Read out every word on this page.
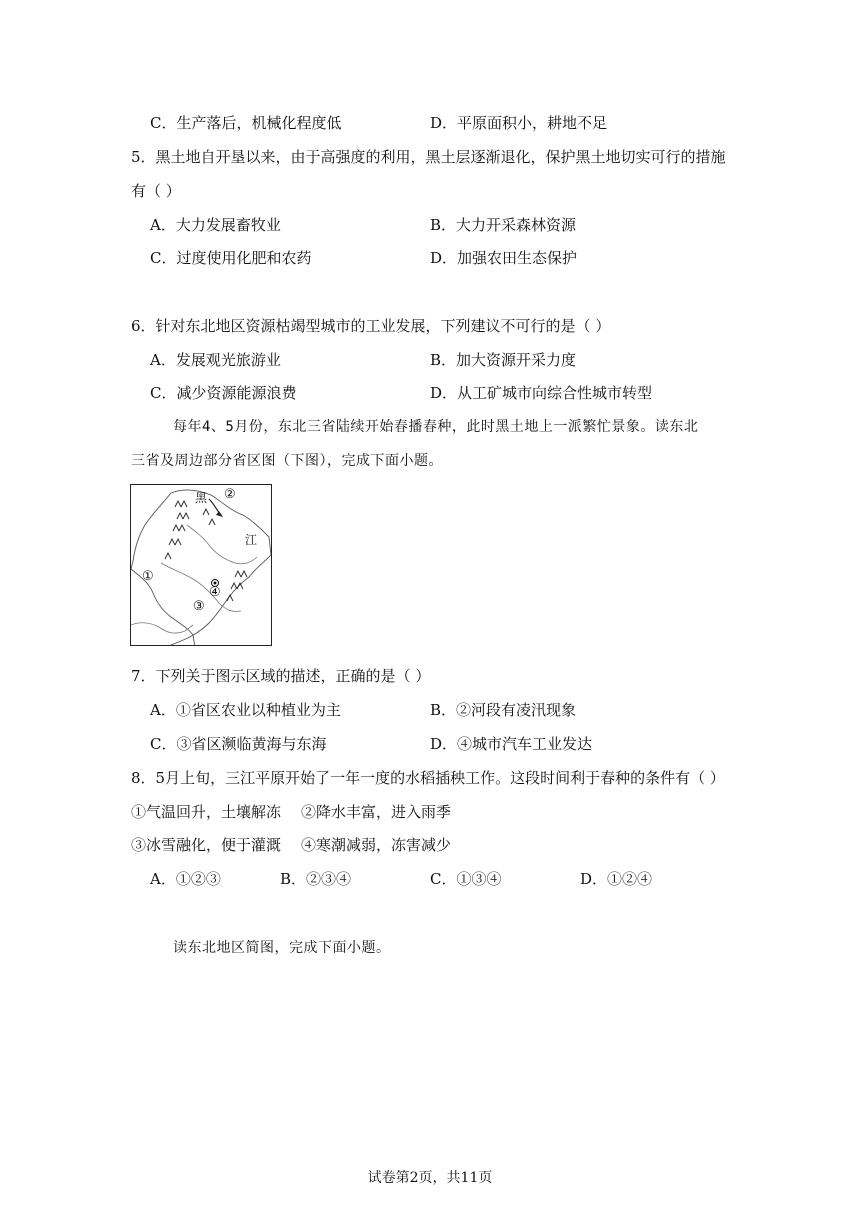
C．生产落后，机械化程度低	D．平原面积小，耕地不足
5．黑土地自开垦以来，由于高强度的利用，黑土层逐渐退化，保护黑土地切实可行的措施
有（ ）
A．大力发展畜牧业	B．大力开采森林资源
C．过度使用化肥和农药	D．加强农田生态保护
6．针对东北地区资源枯竭型城市的工业发展，下列建议不可行的是（ ）
A．发展观光旅游业	B．加大资源开采力度
C．减少资源能源浪费	D．从工矿城市向综合性城市转型
每年4、5月份，东北三省陆续开始春播春种，此时黑土地上一派繁忙景象。读东北
三省及周边部分省区图（下图），完成下面小题。
黑 ②
江
①
④
③
7．下列关于图示区域的描述，正确的是（ ）
A．①省区农业以种植业为主	B．②河段有凌汛现象
C．③省区濒临黄海与东海	D．④城市汽车工业发达
8．5月上旬，三江平原开始了一年一度的水稻插秧工作。这段时间利于春种的条件有（ ）
①气温回升，土壤解冻 ②降水丰富，进入雨季
③冰雪融化，便于灌溉 ④寒潮减弱，冻害减少
A．①②③	B．②③④	C．①③④	D．①②④
读东北地区简图，完成下面小题。
试卷第2页，共11页
